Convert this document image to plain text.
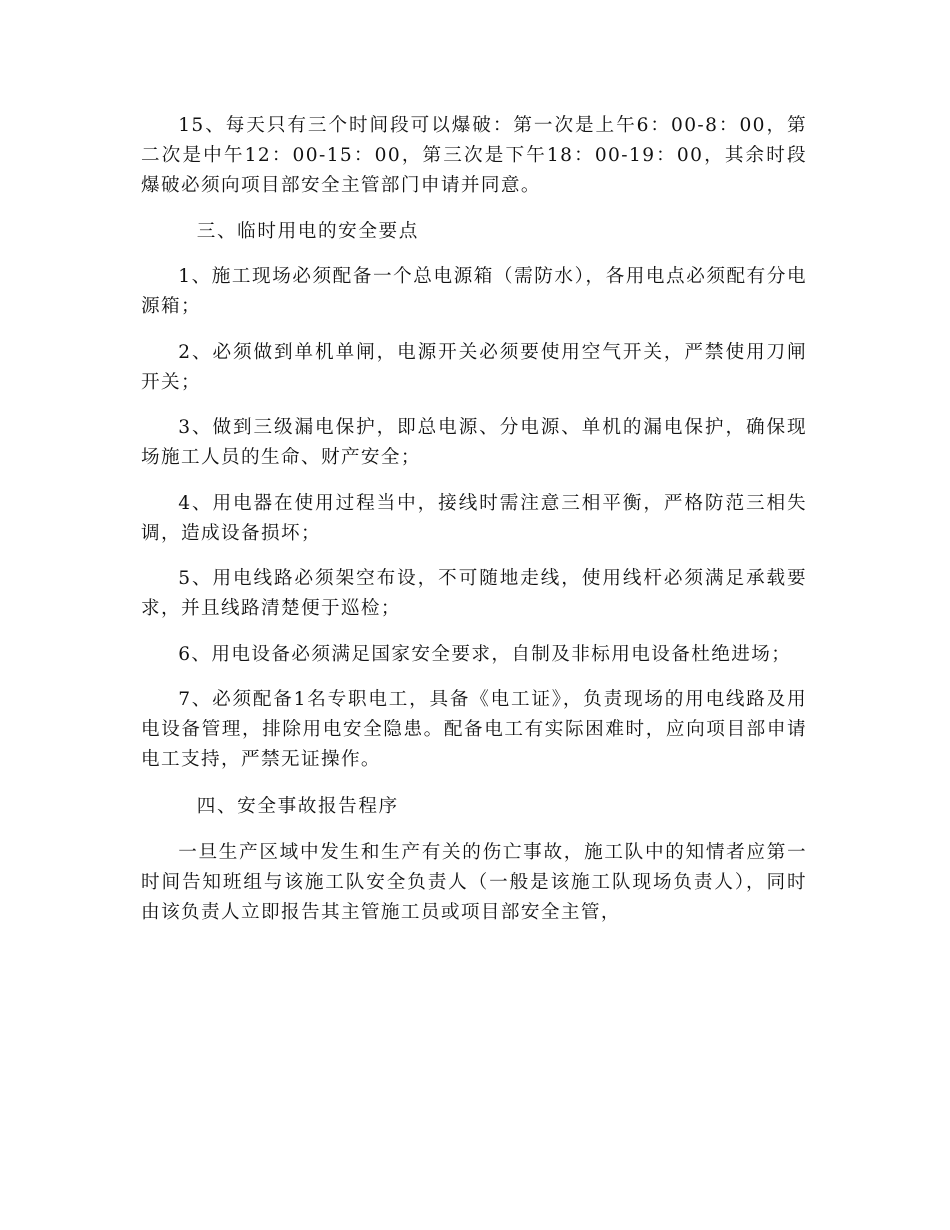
15、每天只有三个时间段可以爆破：第一次是上午6：00-8：00，第二次是中午12：00-15：00，第三次是下午18：00-19：00，其余时段爆破必须向项目部安全主管部门申请并同意。

三、临时用电的安全要点

1、施工现场必须配备一个总电源箱（需防水），各用电点必须配有分电源箱；

2、必须做到单机单闸，电源开关必须要使用空气开关，严禁使用刀闸开关；

3、做到三级漏电保护，即总电源、分电源、单机的漏电保护，确保现场施工人员的生命、财产安全；

4、用电器在使用过程当中，接线时需注意三相平衡，严格防范三相失调，造成设备损坏；

5、用电线路必须架空布设，不可随地走线，使用线杆必须满足承载要求，并且线路清楚便于巡检；

6、用电设备必须满足国家安全要求，自制及非标用电设备杜绝进场；

7、必须配备1名专职电工，具备《电工证》，负责现场的用电线路及用电设备管理，排除用电安全隐患。配备电工有实际困难时，应向项目部申请电工支持，严禁无证操作。

四、安全事故报告程序

一旦生产区域中发生和生产有关的伤亡事故，施工队中的知情者应第一时间告知班组与该施工队安全负责人（一般是该施工队现场负责人），同时由该负责人立即报告其主管施工员或项目部安全主管，
